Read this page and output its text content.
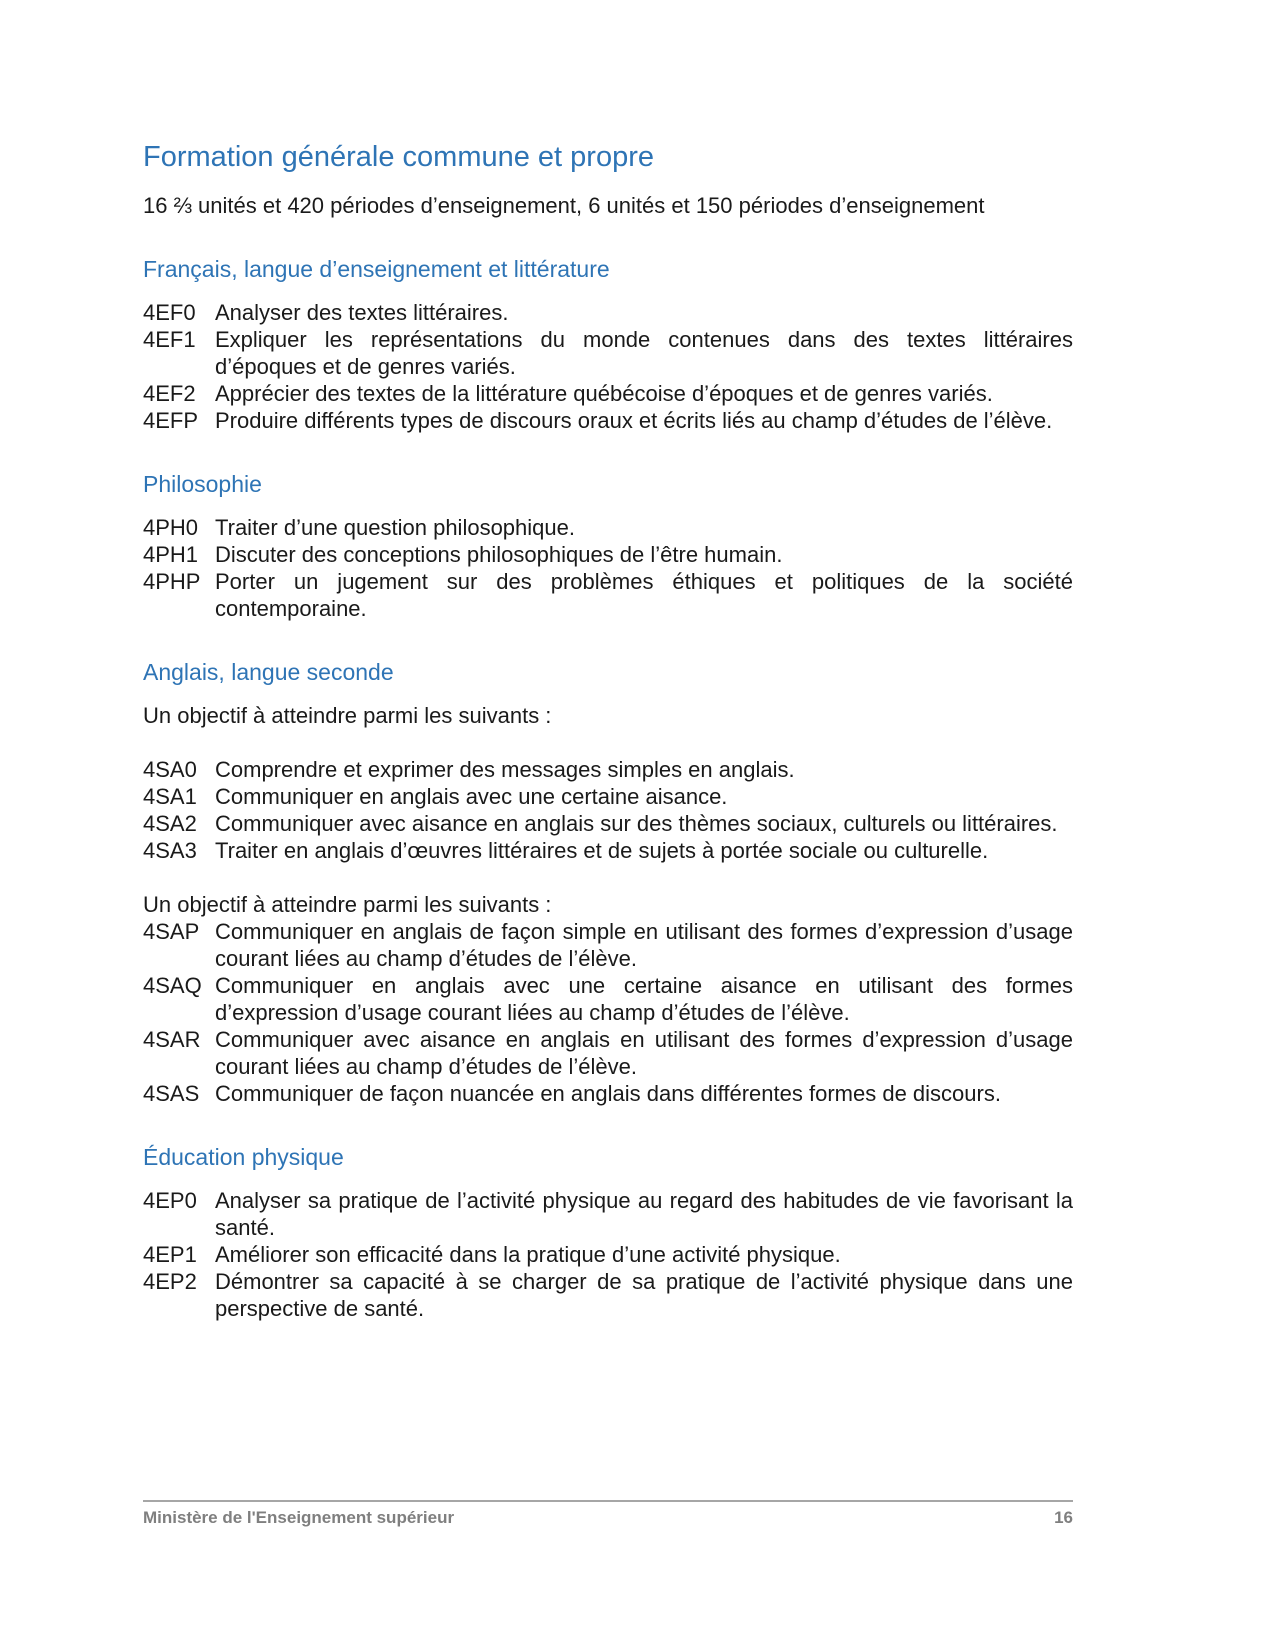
Formation générale commune et propre

16 ⅔ unités et 420 périodes d’enseignement, 6 unités et 150 périodes d’enseignement

Français, langue d’enseignement et littérature
4EF0 Analyser des textes littéraires.
4EF1 Expliquer les représentations du monde contenues dans des textes littéraires d’époques et de genres variés.
4EF2 Apprécier des textes de la littérature québécoise d’époques et de genres variés.
4EFP Produire différents types de discours oraux et écrits liés au champ d’études de l’élève.
Philosophie
4PH0 Traiter d’une question philosophique.
4PH1 Discuter des conceptions philosophiques de l’être humain.
4PHP Porter un jugement sur des problèmes éthiques et politiques de la société contemporaine.
Anglais, langue seconde

Un objectif à atteindre parmi les suivants :

4SA0 Comprendre et exprimer des messages simples en anglais.
4SA1 Communiquer en anglais avec une certaine aisance.
4SA2 Communiquer avec aisance en anglais sur des thèmes sociaux, culturels ou littéraires.
4SA3 Traiter en anglais d’œuvres littéraires et de sujets à portée sociale ou culturelle.

Un objectif à atteindre parmi les suivants :

4SAP Communiquer en anglais de façon simple en utilisant des formes d’expression d’usage courant liées au champ d’études de l’élève.
4SAQ Communiquer en anglais avec une certaine aisance en utilisant des formes d’expression d’usage courant liées au champ d’études de l’élève.
4SAR Communiquer avec aisance en anglais en utilisant des formes d’expression d’usage courant liées au champ d’études de l’élève.
4SAS Communiquer de façon nuancée en anglais dans différentes formes de discours.
Éducation physique
4EP0 Analyser sa pratique de l’activité physique au regard des habitudes de vie favorisant la santé.
4EP1 Améliorer son efficacité dans la pratique d’une activité physique.
4EP2 Démontrer sa capacité à se charger de sa pratique de l’activité physique dans une perspective de santé.
Ministère de l'Enseignement supérieur	16
